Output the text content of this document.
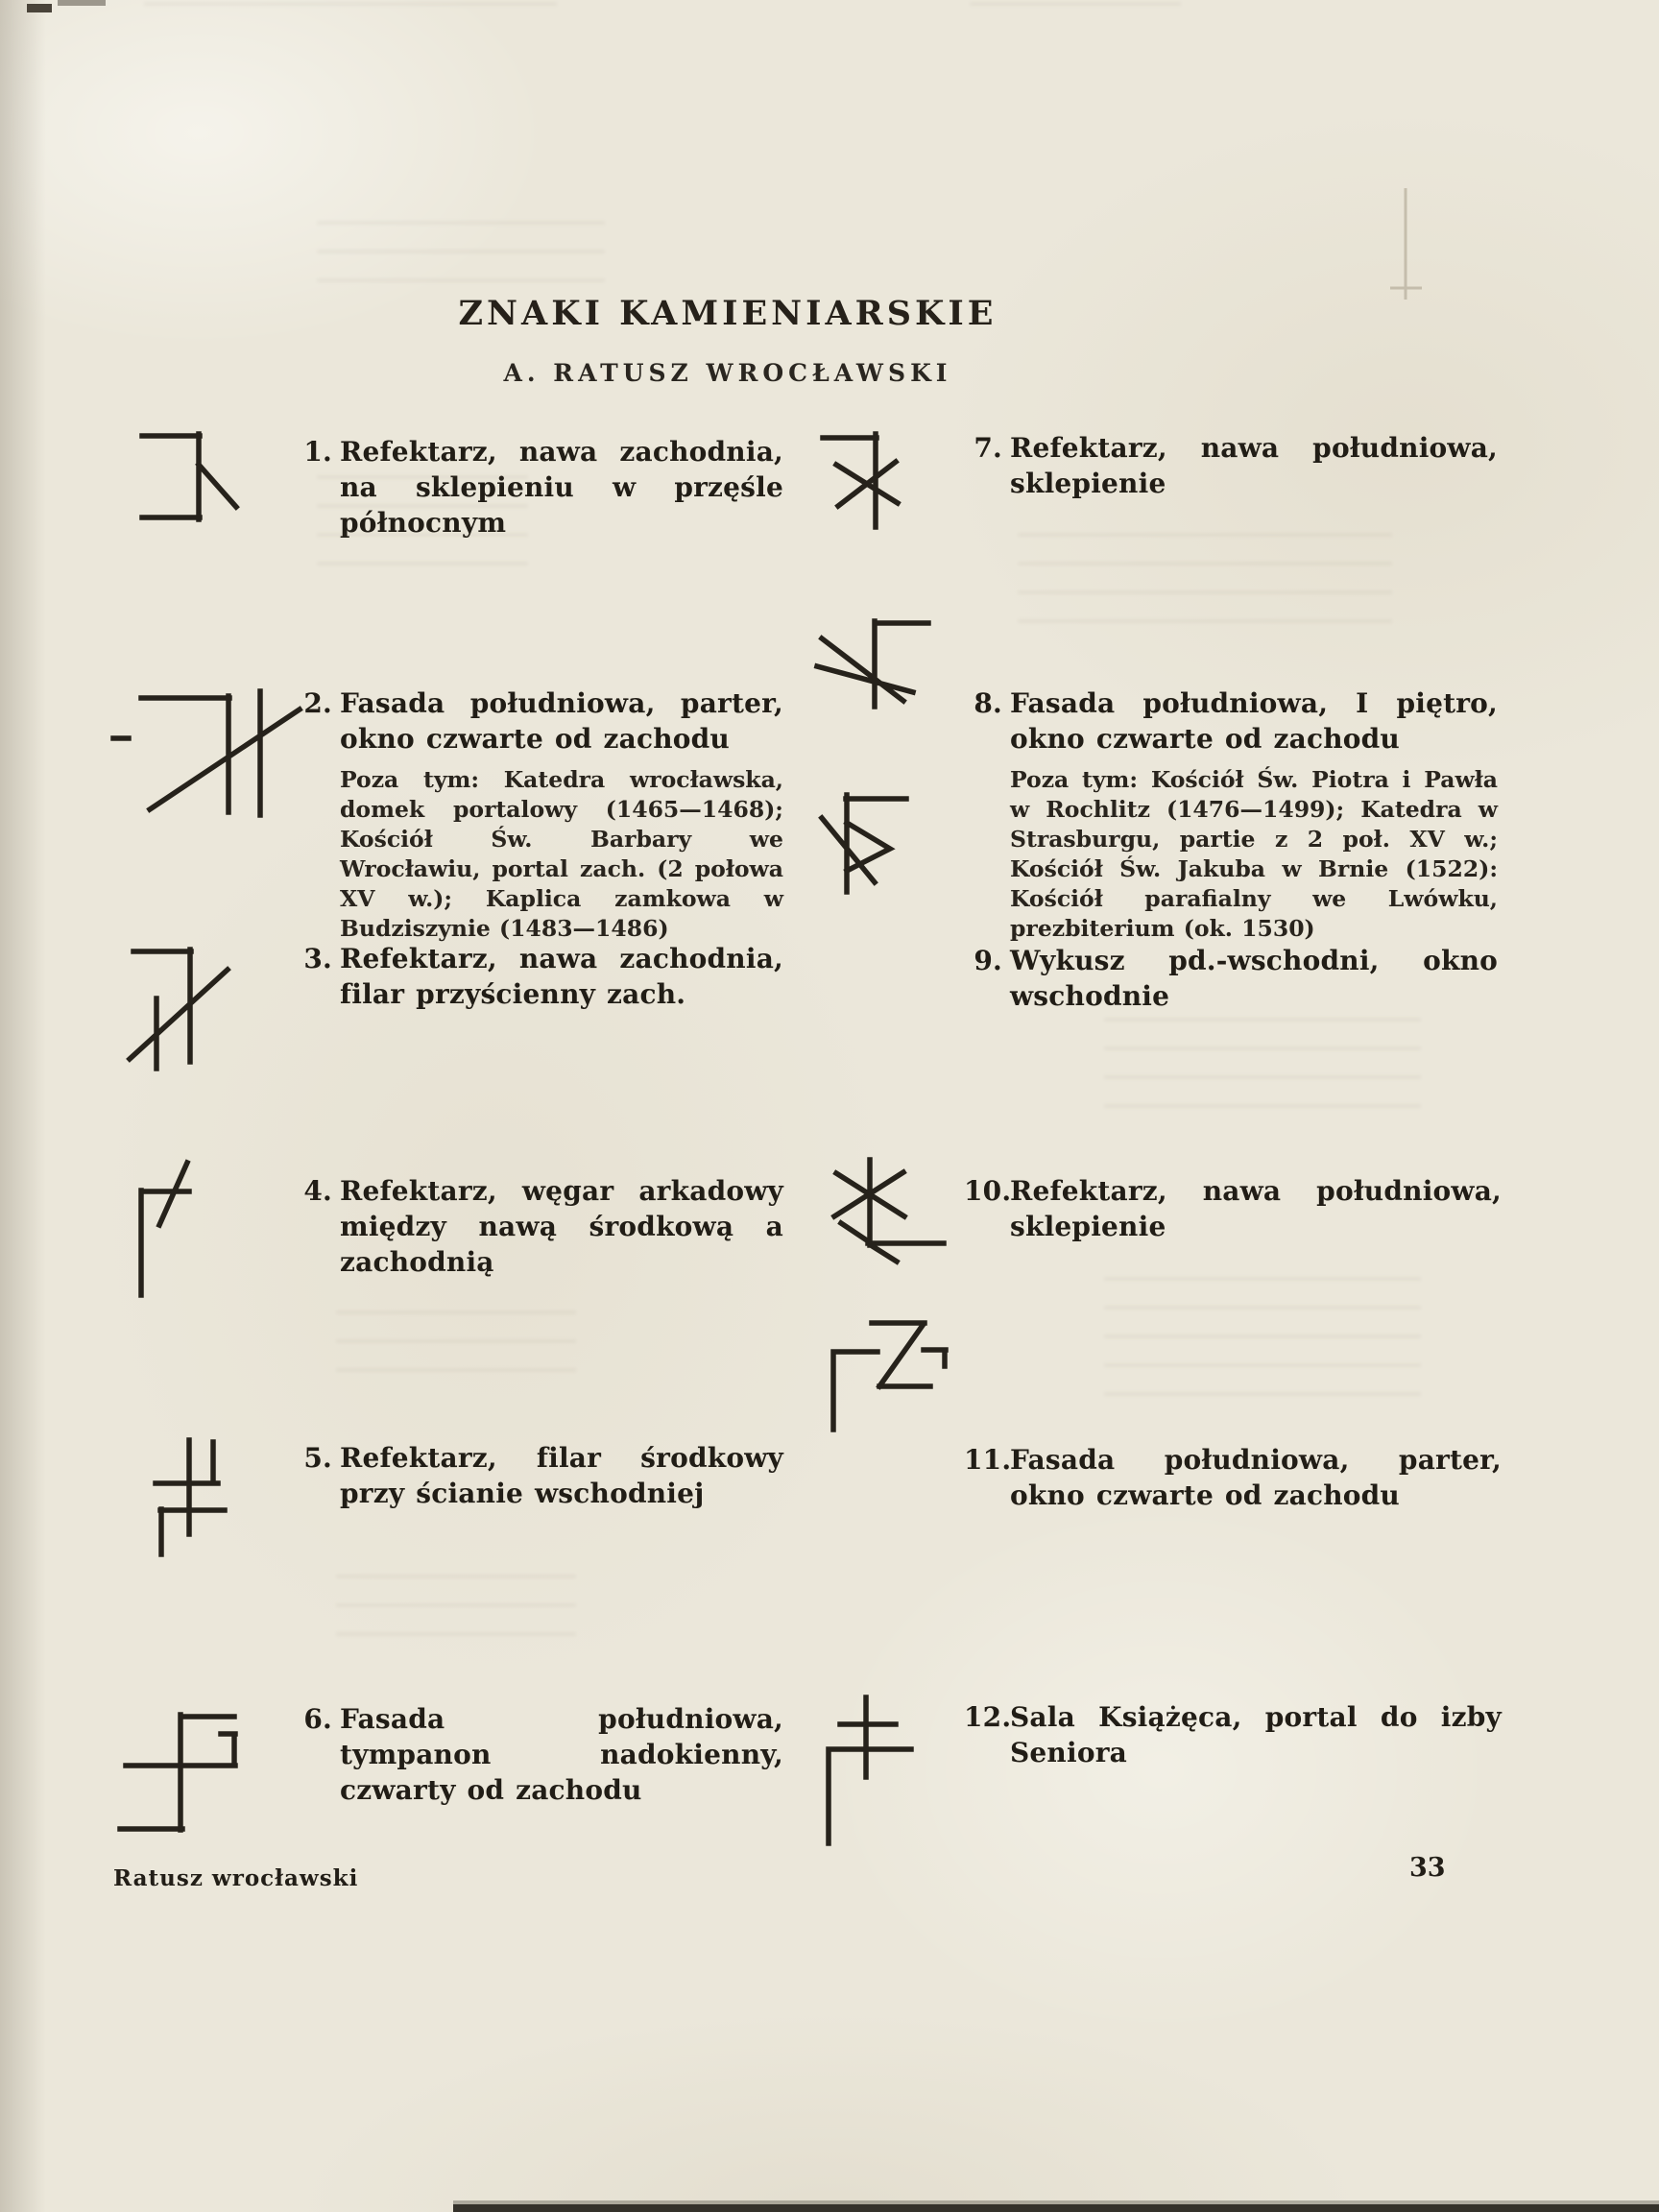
ZNAKI KAMIENIARSKIE
A. RATUSZ WROCŁAWSKI

1. Refektarz, nawa zachodnia, na sklepieniu w przęśle północnym

2. Fasada południowa, parter, okno czwarte od zachodu

Poza tym: Katedra wrocławska, domek portalowy (1465—1468); Kościół Św. Barbary we Wrocławiu, portal zach. (2 połowa XV w.); Kaplica zamkowa w Budziszynie (1483—1486)

3. Refektarz, nawa zachodnia, filar przyścienny zach.

4. Refektarz, węgar arkadowy między nawą środkową a zachodnią

5. Refektarz, filar środkowy przy ścianie wschodniej

6. Fasada południowa, tympanon nadokienny, czwarty od zachodu

7. Refektarz, nawa południowa, sklepienie

8. Fasada południowa, I piętro, okno czwarte od zachodu

Poza tym: Kościół Św. Piotra i Pawła w Rochlitz (1476—1499); Katedra w Strasburgu, partie z 2 poł. XV w.; Kościół Św. Jakuba w Brnie (1522): Kościół parafialny we Lwówku, prezbiterium (ok. 1530)

9. Wykusz pd.-wschodni, okno wschodnie

10.Refektarz, nawa południowa, sklepienie

11.Fasada południowa, parter, okno czwarte od zachodu

12.Sala Książęca, portal do izby Seniora

Ratusz wrocławski	33
